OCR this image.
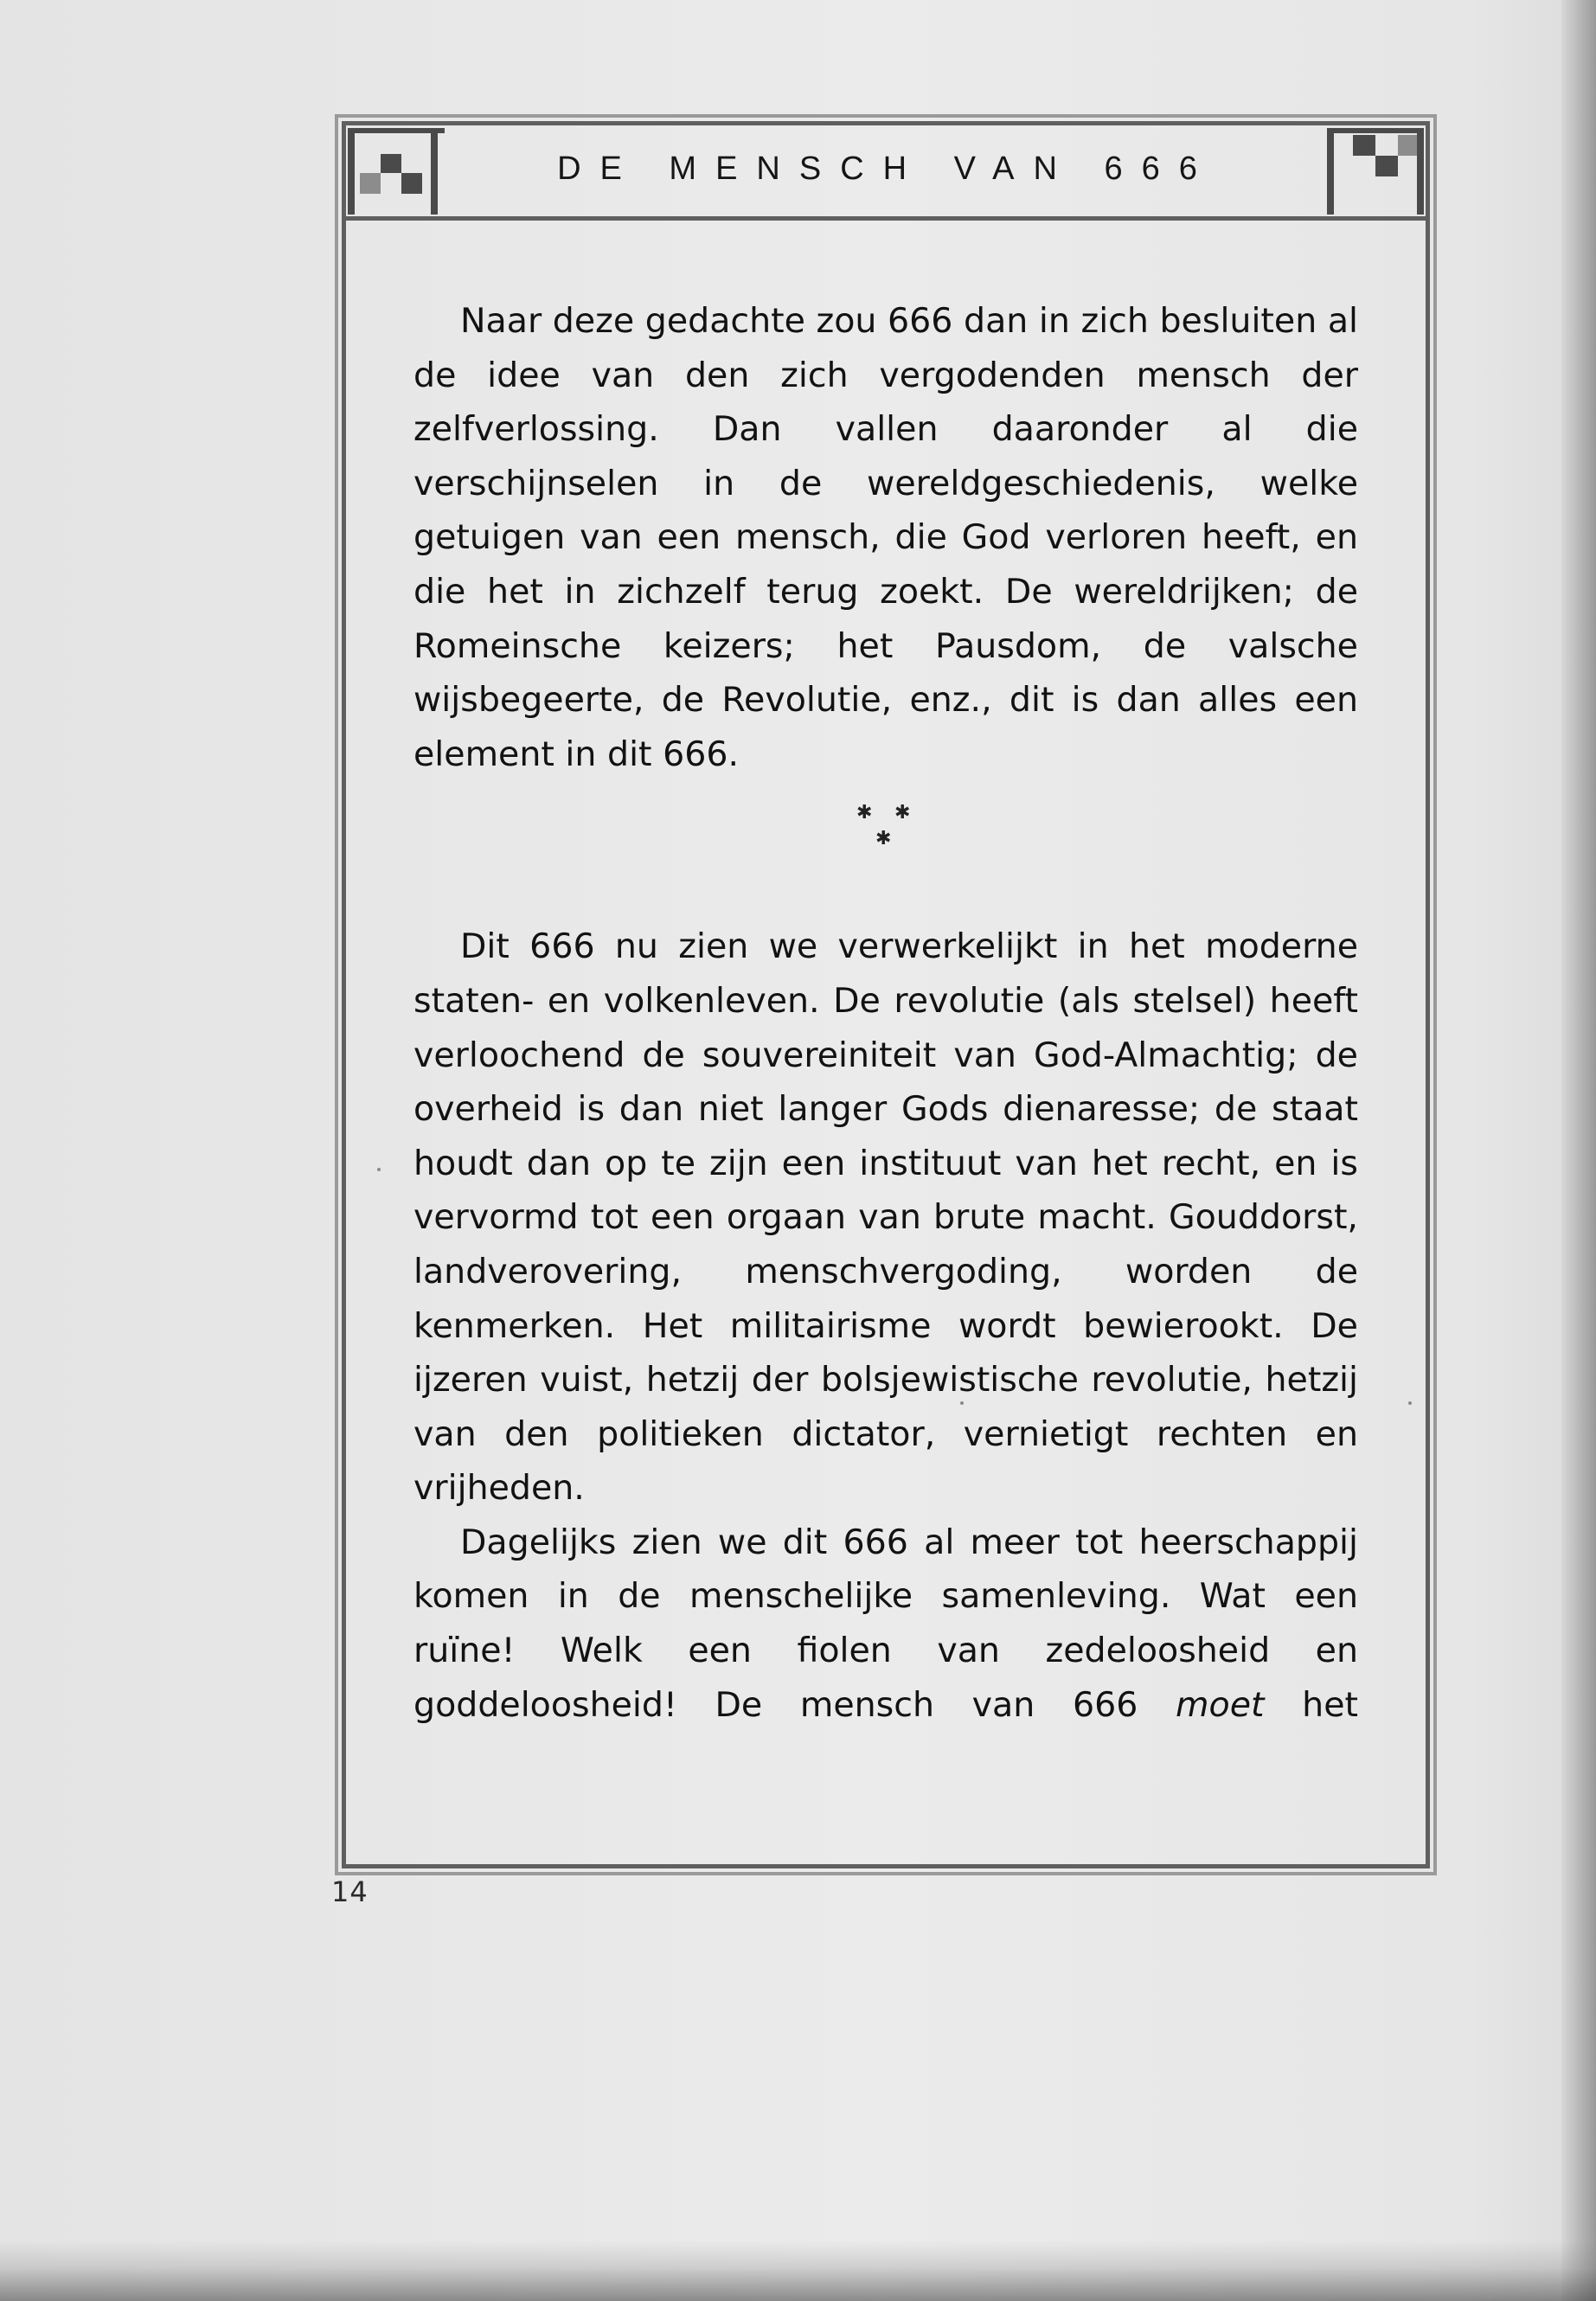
DE MENSCH VAN 666

Naar deze gedachte zou 666 dan in zich besluiten al de idee van den zich vergodenden mensch der zelfverlossing. Dan vallen daaronder al die verschijnselen in de wereldgeschiedenis, welke getuigen van een mensch, die God verloren heeft, en die het in zichzelf terug zoekt. De wereldrijken; de Romeinsche keizers; het Pausdom, de valsche wijsbegeerte, de Revolutie, enz., dit is dan alles een element in dit 666.

✱ ✱
✱

Dit 666 nu zien we verwerkelijkt in het moderne staten- en volkenleven. De revolutie (als stelsel) heeft verloochend de souvereiniteit van God-Almachtig; de overheid is dan niet langer Gods dienaresse; de staat houdt dan op te zijn een instituut van het recht, en is vervormd tot een orgaan van brute macht. Gouddorst, landverovering, menschvergoding, worden de kenmerken. Het militairisme wordt bewierookt. De ijzeren vuist, hetzij der bolsjewistische revolutie, hetzij van den politieken dictator, vernietigt rechten en vrijheden.

Dagelijks zien we dit 666 al meer tot heerschappij komen in de menschelijke samenleving. Wat een ruïne! Welk een fiolen van zedeloosheid en goddeloosheid! De mensch van 666 moet het

14
